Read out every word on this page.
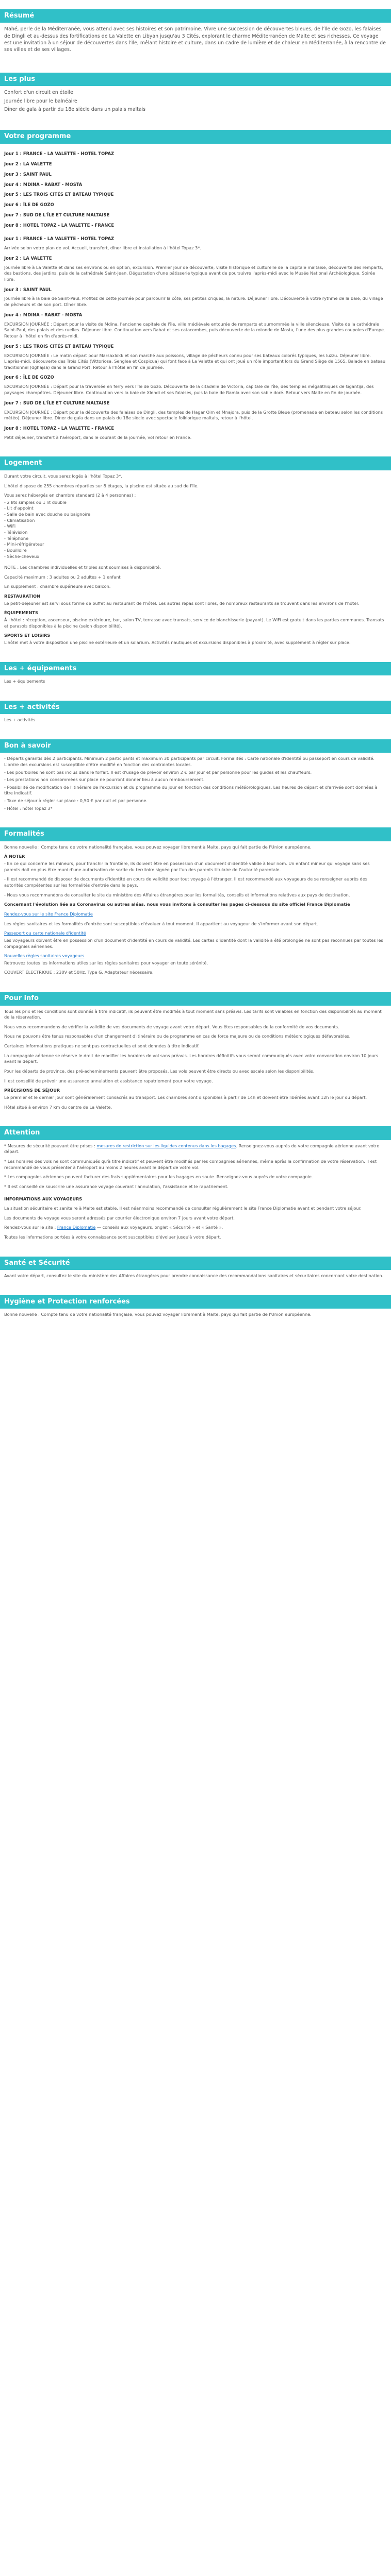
Résumé

Mahé, perle de la Méditerranée, vous attend avec ses histoires et son patrimoine. Vivre une succession de découvertes bleues, de l'Île de Gozo, les falaises de Dingli et au-dessus des fortifications de La Valette en Libyan jusqu'au 3 Cités, explorant le charme Méditerranéen de Malte et ses richesses. Ce voyage est une invitation à un séjour de découvertes dans l'Île, mêlant histoire et culture, dans un cadre de lumière et de chaleur en Méditerranée, à la rencontre de ses villes et de ses villages.

Les plus

Confort d'un circuit en étoile

Journée libre pour le balnéaire

Dîner de gala à partir du 18e siècle dans un palais maltais

Votre programme
Jour 1 : FRANCE - LA VALETTE - HOTEL TOPAZ
Jour 2 : LA VALETTE
Jour 3 : SAINT PAUL
Jour 4 : MDINA - RABAT - MOSTA
Jour 5 : LES TROIS CITÉS ET BATEAU TYPIQUE
Jour 6 : ÎLE DE GOZO
Jour 7 : SUD DE L'ÎLE ET CULTURE MALTAISE
Jour 8 : HOTEL TOPAZ - LA VALETTE - FRANCE
Jour 1 : FRANCE - LA VALETTE - HOTEL TOPAZ

Arrivée selon votre plan de vol. Accueil, transfert, dîner libre et installation à l'hôtel Topaz 3*.

Jour 2 : LA VALETTE

Journée libre à La Valette et dans ses environs ou en option, excursion. Premier jour de découverte, visite historique et culturelle de la capitale maltaise, découverte des remparts, des bastions, des jardins, puis de la cathédrale Saint-Jean. Dégustation d'une pâtisserie typique avant de poursuivre l'après-midi avec le Musée National Archéologique. Soirée libre.

Jour 3 : SAINT PAUL

Journée libre à la baie de Saint-Paul. Profitez de cette journée pour parcourir la côte, ses petites criques, la nature. Déjeuner libre. Découverte à votre rythme de la baie, du village de pêcheurs et de son port. Dîner libre.

Jour 4 : MDINA - RABAT - MOSTA

EXCURSION JOURNÉE : Départ pour la visite de Mdina, l'ancienne capitale de l'île, ville médiévale entourée de remparts et surnommée la ville silencieuse. Visite de la cathédrale Saint-Paul, des palais et des ruelles. Déjeuner libre. Continuation vers Rabat et ses catacombes, puis découverte de la rotonde de Mosta, l'une des plus grandes coupoles d'Europe. Retour à l'hôtel en fin d'après-midi.

Jour 5 : LES TROIS CITÉS ET BATEAU TYPIQUE

EXCURSION JOURNÉE : Le matin départ pour Marsaxlokk et son marché aux poissons, village de pêcheurs connu pour ses bateaux colorés typiques, les luzzu. Déjeuner libre. L'après-midi, découverte des Trois Cités (Vittoriosa, Senglea et Cospicua) qui font face à La Valette et qui ont joué un rôle important lors du Grand Siège de 1565. Balade en bateau traditionnel (dghajsa) dans le Grand Port. Retour à l'hôtel en fin de journée.

Jour 6 : ÎLE DE GOZO

EXCURSION JOURNÉE : Départ pour la traversée en ferry vers l'île de Gozo. Découverte de la citadelle de Victoria, capitale de l'île, des temples mégalithiques de Ggantija, des paysages champêtres. Déjeuner libre. Continuation vers la baie de Xlendi et ses falaises, puis la baie de Ramla avec son sable doré. Retour vers Malte en fin de journée.

Jour 7 : SUD DE L'ÎLE ET CULTURE MALTAISE

EXCURSION JOURNÉE : Départ pour la découverte des falaises de Dingli, des temples de Hagar Qim et Mnajdra, puis de la Grotte Bleue (promenade en bateau selon les conditions météo). Déjeuner libre. Dîner de gala dans un palais du 18e siècle avec spectacle folklorique maltais, retour à l'hôtel.

Jour 8 : HOTEL TOPAZ - LA VALETTE - FRANCE

Petit déjeuner, transfert à l'aéroport, dans le courant de la journée, vol retour en France.

Logement

Durant votre circuit, vous serez logés à l'hôtel Topaz 3*.

L'hôtel dispose de 255 chambres réparties sur 8 étages, la piscine est située au sud de l'île.

Vous serez hébergés en chambre standard (2 à 4 personnes) :

- 2 lits simples ou 1 lit double
- Lit d'appoint
- Salle de bain avec douche ou baignoire
- Climatisation
- WiFi
- Télévision
- Téléphone
- Mini-réfrigérateur
- Bouilloire
- Sèche-cheveux

NOTE : Les chambres individuelles et triples sont soumises à disponibilité.

Capacité maximum : 3 adultes ou 2 adultes + 1 enfant

En supplément : chambre supérieure avec balcon.

RESTAURATION

Le petit-déjeuner est servi sous forme de buffet au restaurant de l'hôtel. Les autres repas sont libres, de nombreux restaurants se trouvent dans les environs de l'hôtel.

ÉQUIPEMENTS

À l'hôtel : réception, ascenseur, piscine extérieure, bar, salon TV, terrasse avec transats, service de blanchisserie (payant). Le WiFi est gratuit dans les parties communes. Transats et parasols disponibles à la piscine (selon disponibilité).

SPORTS ET LOISIRS

L'hôtel met à votre disposition une piscine extérieure et un solarium. Activités nautiques et excursions disponibles à proximité, avec supplément à régler sur place.

Les + équipements

Les + équipements

Les + activités

Les + activités

Bon à savoir

- Départs garantis dès 2 participants. Minimum 2 participants et maximum 30 participants par circuit. Formalités : Carte nationale d'identité ou passeport en cours de validité. L'ordre des excursions est susceptible d'être modifié en fonction des contraintes locales.

- Les pourboires ne sont pas inclus dans le forfait. Il est d'usage de prévoir environ 2 € par jour et par personne pour les guides et les chauffeurs.

- Les prestations non consommées sur place ne pourront donner lieu à aucun remboursement.

- Possibilité de modification de l'itinéraire de l'excursion et du programme du jour en fonction des conditions météorologiques. Les heures de départ et d'arrivée sont données à titre indicatif.

- Taxe de séjour à régler sur place : 0,50 € par nuit et par personne.

- Hôtel : hôtel Topaz 3*

Formalités

Bonne nouvelle : Compte tenu de votre nationalité française, vous pouvez voyager librement à Malte, pays qui fait partie de l'Union européenne.

À NOTER

- En ce qui concerne les mineurs, pour franchir la frontière, ils doivent être en possession d'un document d'identité valide à leur nom. Un enfant mineur qui voyage sans ses parents doit en plus être muni d'une autorisation de sortie du territoire signée par l'un des parents titulaire de l'autorité parentale.

- Il est recommandé de disposer de documents d'identité en cours de validité pour tout voyage à l'étranger. Il est recommandé aux voyageurs de se renseigner auprès des autorités compétentes sur les formalités d'entrée dans le pays.

- Nous vous recommandons de consulter le site du ministère des Affaires étrangères pour les formalités, conseils et informations relatives aux pays de destination.

Concernant l'évolution liée au Coronavirus ou autres aléas, nous vous invitons à consulter les pages ci-dessous du site officiel France Diplomatie

Rendez-vous sur le site France Diplomatie

Les règles sanitaires et les formalités d'entrée sont susceptibles d'évoluer à tout moment. Il appartient au voyageur de s'informer avant son départ.

Passeport ou carte nationale d'identité

Les voyageurs doivent être en possession d'un document d'identité en cours de validité. Les cartes d'identité dont la validité a été prolongée ne sont pas reconnues par toutes les compagnies aériennes.

Nouvelles règles sanitaires voyageurs

Retrouvez toutes les informations utiles sur les règles sanitaires pour voyager en toute sérénité.

COUVERT ÉLECTRIQUE : 230V et 50Hz. Type G. Adaptateur nécessaire.

Pour info

Tous les prix et les conditions sont donnés à titre indicatif, ils peuvent être modifiés à tout moment sans préavis. Les tarifs sont valables en fonction des disponibilités au moment de la réservation.

Nous vous recommandons de vérifier la validité de vos documents de voyage avant votre départ. Vous êtes responsables de la conformité de vos documents.

Nous ne pouvons être tenus responsables d'un changement d'itinéraire ou de programme en cas de force majeure ou de conditions météorologiques défavorables.

Certaines informations pratiques ne sont pas contractuelles et sont données à titre indicatif.

La compagnie aérienne se réserve le droit de modifier les horaires de vol sans préavis. Les horaires définitifs vous seront communiqués avec votre convocation environ 10 jours avant le départ.

Pour les départs de province, des pré-acheminements peuvent être proposés. Les vols peuvent être directs ou avec escale selon les disponibilités.

Il est conseillé de prévoir une assurance annulation et assistance rapatriement pour votre voyage.

PRÉCISIONS DE SÉJOUR

Le premier et le dernier jour sont généralement consacrés au transport. Les chambres sont disponibles à partir de 14h et doivent être libérées avant 12h le jour du départ.

Hôtel situé à environ 7 km du centre de La Valette.

Attention

* Mesures de sécurité pouvant être prises : mesures de restriction sur les liquides contenus dans les bagages. Renseignez-vous auprès de votre compagnie aérienne avant votre départ.

* Les horaires des vols ne sont communiqués qu'à titre indicatif et peuvent être modifiés par les compagnies aériennes, même après la confirmation de votre réservation. Il est recommandé de vous présenter à l'aéroport au moins 2 heures avant le départ de votre vol.

* Les compagnies aériennes peuvent facturer des frais supplémentaires pour les bagages en soute. Renseignez-vous auprès de votre compagnie.

* Il est conseillé de souscrire une assurance voyage couvrant l'annulation, l'assistance et le rapatriement.

INFORMATIONS AUX VOYAGEURS

La situation sécuritaire et sanitaire à Malte est stable. Il est néanmoins recommandé de consulter régulièrement le site France Diplomatie avant et pendant votre séjour.

Les documents de voyage vous seront adressés par courrier électronique environ 7 jours avant votre départ.

Rendez-vous sur le site : France Diplomatie — conseils aux voyageurs, onglet « Sécurité » et « Santé ».

Toutes les informations portées à votre connaissance sont susceptibles d'évoluer jusqu'à votre départ.

Santé et Sécurité

Avant votre départ, consultez le site du ministère des Affaires étrangères pour prendre connaissance des recommandations sanitaires et sécuritaires concernant votre destination.

Hygiène et Protection renforcées

Bonne nouvelle : Compte tenu de votre nationalité française, vous pouvez voyager librement à Malte, pays qui fait partie de l'Union européenne.
